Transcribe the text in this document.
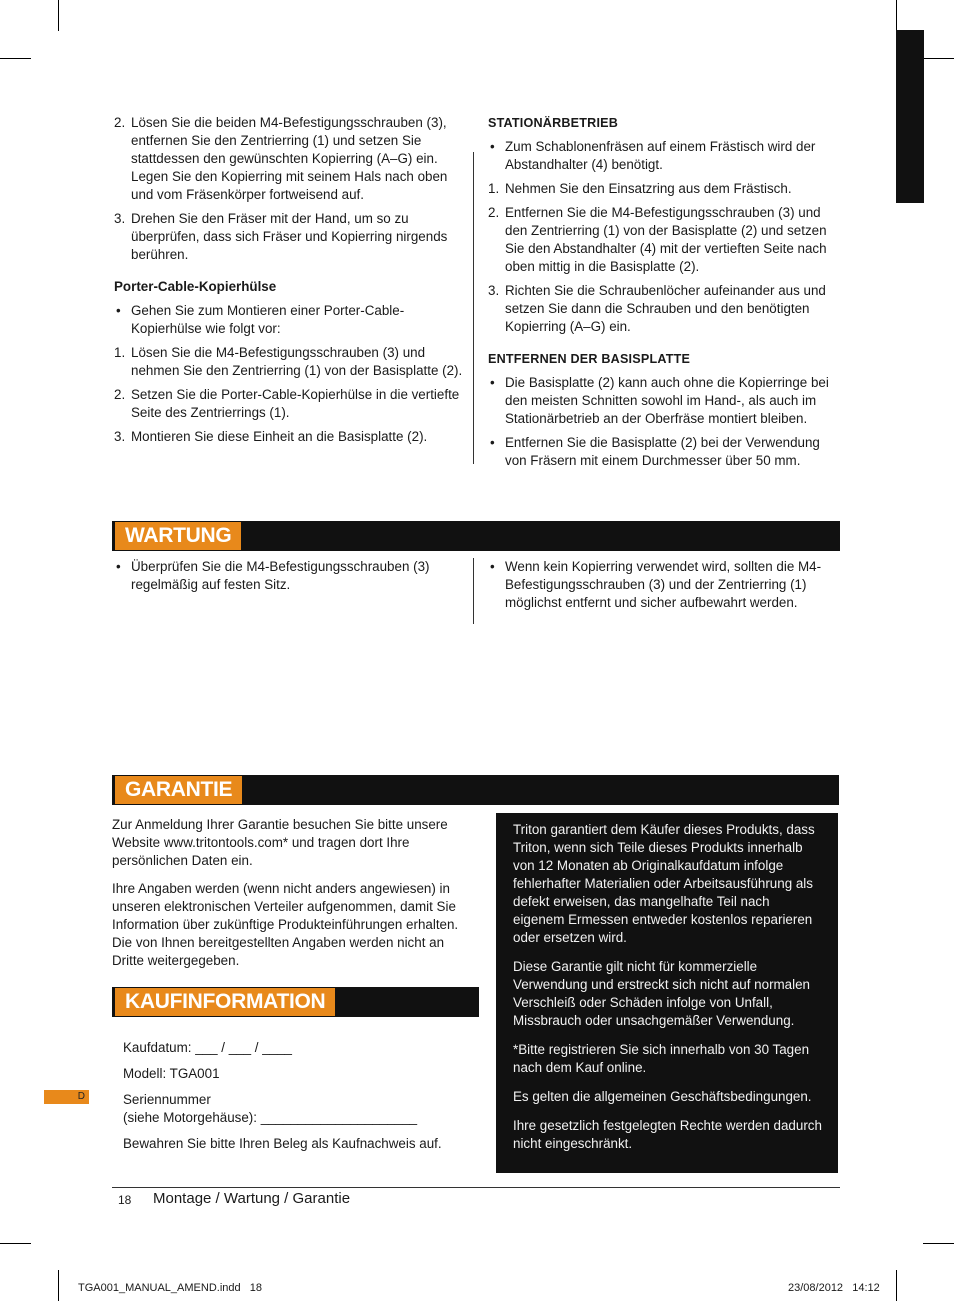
2. Lösen Sie die beiden M4-Befestigungsschrauben (3), entfernen Sie den Zentrierring (1) und setzen Sie stattdessen den gewünschten Kopierring (A–G) ein. Legen Sie den Kopierring mit seinem Hals nach oben und vom Fräsenkörper fortweisend auf.
3. Drehen Sie den Fräser mit der Hand, um so zu überprüfen, dass sich Fräser und Kopierring nirgends berühren.
Porter-Cable-Kopierhülse
• Gehen Sie zum Montieren einer Porter-Cable-Kopierhülse wie folgt vor:
1. Lösen Sie die M4-Befestigungsschrauben (3) und nehmen Sie den Zentrierring (1) von der Basisplatte (2).
2. Setzen Sie die Porter-Cable-Kopierhülse in die vertiefte Seite des Zentrierrings (1).
3. Montieren Sie diese Einheit an die Basisplatte (2).
STATIONÄRBETRIEB
• Zum Schablonenfräsen auf einem Frästisch wird der Abstandhalter (4) benötigt.
1. Nehmen Sie den Einsatzring aus dem Frästisch.
2. Entfernen Sie die M4-Befestigungsschrauben (3) und den Zentrierring (1) von der Basisplatte (2) und setzen Sie den Abstandhalter (4) mit der vertieften Seite nach oben mittig in die Basisplatte (2).
3. Richten Sie die Schraubenlöcher aufeinander aus und setzen Sie dann die Schrauben und den benötigten Kopierring (A–G) ein.
ENTFERNEN DER BASISPLATTE
• Die Basisplatte (2) kann auch ohne die Kopierringe bei den meisten Schnitten sowohl im Hand-, als auch im Stationärbetrieb an der Oberfräse montiert bleiben.
• Entfernen Sie die Basisplatte (2) bei der Verwendung von Fräsern mit einem Durchmesser über 50 mm.
WARTUNG
• Überprüfen Sie die M4-Befestigungsschrauben (3) regelmäßig auf festen Sitz.
• Wenn kein Kopierring verwendet wird, sollten die M4-Befestigungsschrauben (3) und der Zentrierring (1) möglichst entfernt und sicher aufbewahrt werden.
GARANTIE
Zur Anmeldung Ihrer Garantie besuchen Sie bitte unsere Website www.tritontools.com* und tragen dort Ihre persönlichen Daten ein.
Ihre Angaben werden (wenn nicht anders angewiesen) in unseren elektronischen Verteiler aufgenommen, damit Sie Information über zukünftige Produkteinführungen erhalten. Die von Ihnen bereitgestellten Angaben werden nicht an Dritte weitergegeben.
KAUFINFORMATION
Kaufdatum: ___ / ___ / ____
Modell: TGA001
Seriennummer
(siehe Motorgehäuse): _____________________
Bewahren Sie bitte Ihren Beleg als Kaufnachweis auf.
Triton garantiert dem Käufer dieses Produkts, dass Triton, wenn sich Teile dieses Produkts innerhalb von 12 Monaten ab Originalkaufdatum infolge fehlerhafter Materialien oder Arbeitsausführung als defekt erweisen, das mangelhafte Teil nach eigenem Ermessen entweder kostenlos reparieren oder ersetzen wird.
Diese Garantie gilt nicht für kommerzielle Verwendung und erstreckt sich nicht auf normalen Verschleiß oder Schäden infolge von Unfall, Missbrauch oder unsachgemäßer Verwendung.
*Bitte registrieren Sie sich innerhalb von 30 Tagen nach dem Kauf online.
Es gelten die allgemeinen Geschäftsbedingungen.
Ihre gesetzlich festgelegten Rechte werden dadurch nicht eingeschränkt.
D
18 Montage / Wartung / Garantie
TGA001_MANUAL_AMEND.indd   18	23/08/2012   14:12
